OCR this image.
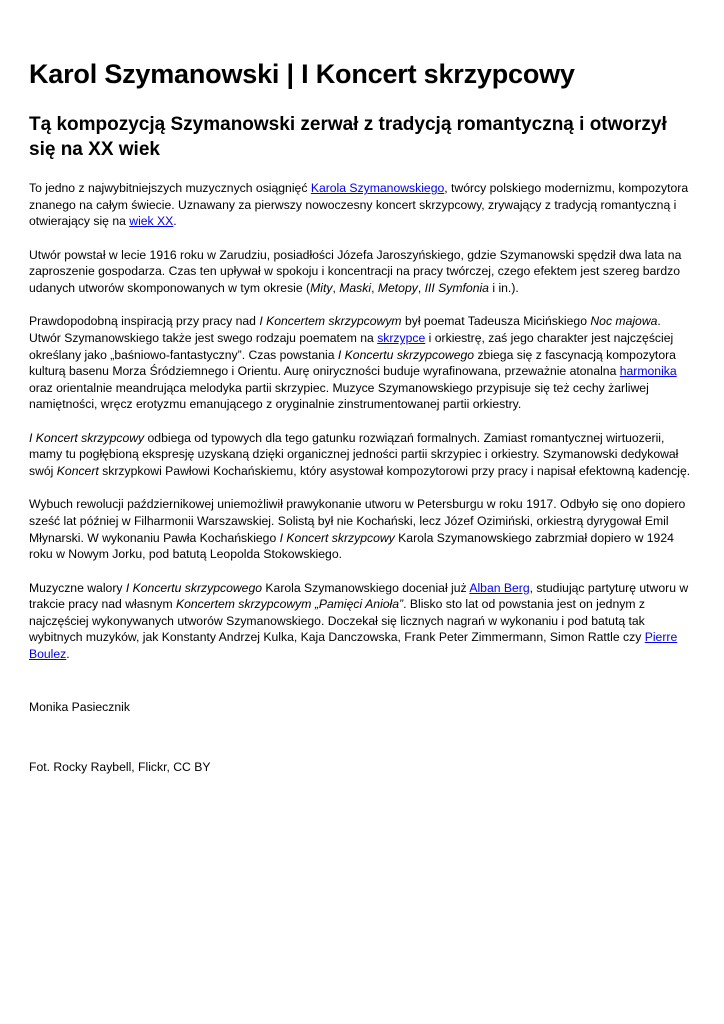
Karol Szymanowski | I Koncert skrzypcowy
Tą kompozycją Szymanowski zerwał z tradycją romantyczną i otworzył się na XX wiek

To jedno z najwybitniejszych muzycznych osiągnięć Karola Szymanowskiego, twórcy polskiego modernizmu, kompozytora znanego na całym świecie. Uznawany za pierwszy nowoczesny koncert skrzypcowy, zrywający z tradycją romantyczną i otwierający się na wiek XX.

Utwór powstał w lecie 1916 roku w Zarudziu, posiadłości Józefa Jaroszyńskiego, gdzie Szymanowski spędził dwa lata na zaproszenie gospodarza. Czas ten upływał w spokoju i koncentracji na pracy twórczej, czego efektem jest szereg bardzo udanych utworów skomponowanych w tym okresie (Mity, Maski, Metopy, III Symfonia i in.).

Prawdopodobną inspiracją przy pracy nad I Koncertem skrzypcowym był poemat Tadeusza Micińskiego Noc majowa. Utwór Szymanowskiego także jest swego rodzaju poematem na skrzypce i orkiestrę, zaś jego charakter jest najczęściej określany jako „baśniowo-fantastyczny”. Czas powstania I Koncertu skrzypcowego zbiega się z fascynacją kompozytora kulturą basenu Morza Śródziemnego i Orientu. Aurę oniryczności buduje wyrafinowana, przeważnie atonalna harmonika oraz orientalnie meandrująca melodyka partii skrzypiec. Muzyce Szymanowskiego przypisuje się też cechy żarliwej namiętności, wręcz erotyzmu emanującego z oryginalnie zinstrumentowanej partii orkiestry.

I Koncert skrzypcowy odbiega od typowych dla tego gatunku rozwiązań formalnych. Zamiast romantycznej wirtuozerii, mamy tu pogłębioną ekspresję uzyskaną dzięki organicznej jedności partii skrzypiec i orkiestry. Szymanowski dedykował swój Koncert skrzypkowi Pawłowi Kochańskiemu, który asystował kompozytorowi przy pracy i napisał efektowną kadencję.

Wybuch rewolucji październikowej uniemożliwił prawykonanie utworu w Petersburgu w roku 1917. Odbyło się ono dopiero sześć lat później w Filharmonii Warszawskiej. Solistą był nie Kochański, lecz Józef Ozimiński, orkiestrą dyrygował Emil Młynarski. W wykonaniu Pawła Kochańskiego I Koncert skrzypcowy Karola Szymanowskiego zabrzmiał dopiero w 1924 roku w Nowym Jorku, pod batutą Leopolda Stokowskiego.

Muzyczne walory I Koncertu skrzypcowego Karola Szymanowskiego doceniał już Alban Berg, studiując partyturę utworu w trakcie pracy nad własnym Koncertem skrzypcowym „Pamięci Anioła”. Blisko sto lat od powstania jest on jednym z najczęściej wykonywanych utworów Szymanowskiego. Doczekał się licznych nagrań w wykonaniu i pod batutą tak wybitnych muzyków, jak Konstanty Andrzej Kulka, Kaja Danczowska, Frank Peter Zimmermann, Simon Rattle czy Pierre Boulez.

Monika Pasiecznik

Fot. Rocky Raybell, Flickr, CC BY
